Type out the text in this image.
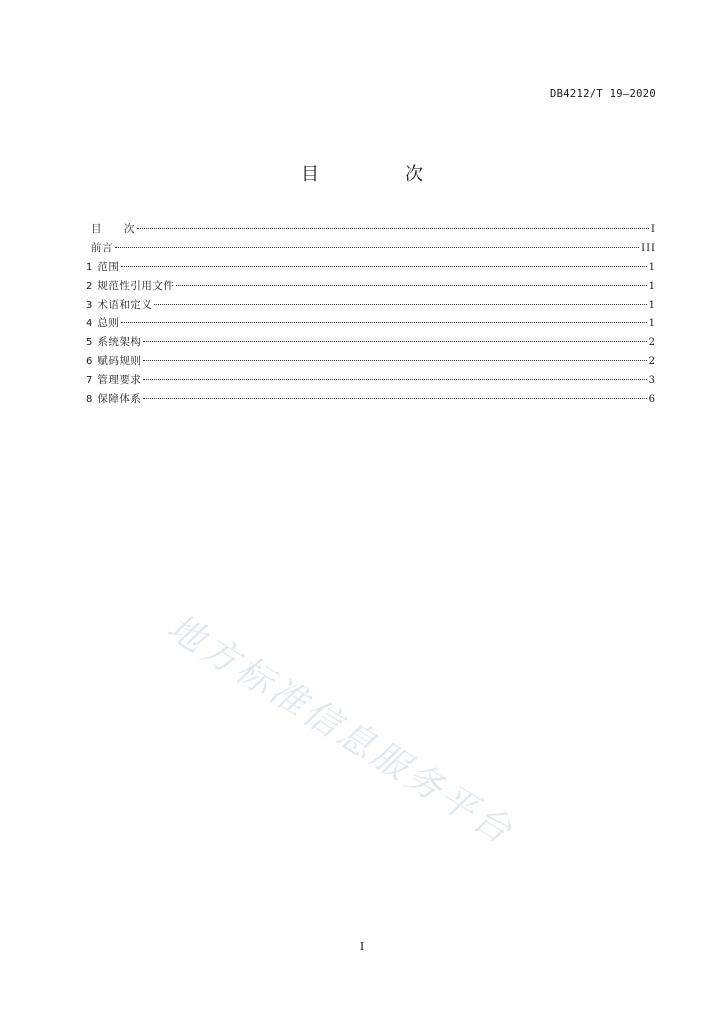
DB4212/T 19—2020
目　次
目　　次	I
前言	III
1 范围	1
2 规范性引用文件	1
3 术语和定义	1
4 总则	1
5 系统架构	2
6 赋码规则	2
7 管理要求	3
8 保障体系	6
地方标准信息服务平台
I
